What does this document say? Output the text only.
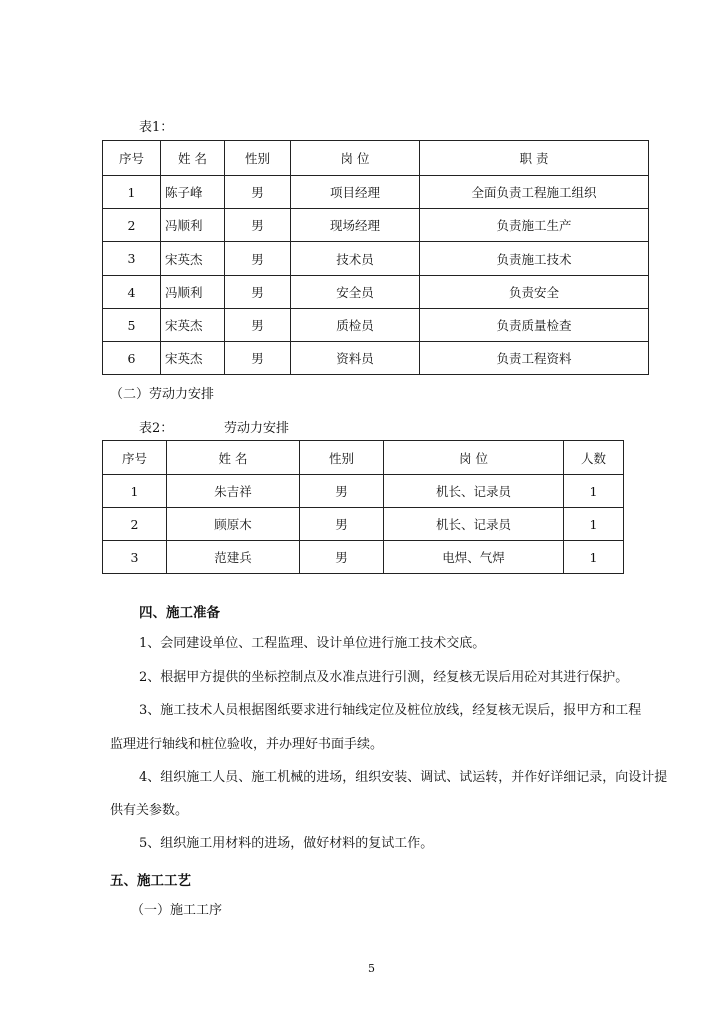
表1：
序号	姓 名	性别	岗 位	职 责
1	陈子峰	男	项目经理	全面负责工程施工组织
2	冯顺利	男	现场经理	负责施工生产
3	宋英杰	男	技术员	负责施工技术
4	冯顺利	男	安全员	负责安全
5	宋英杰	男	质检员	负责质量检查
6	宋英杰	男	资料员	负责工程资料
（二）劳动力安排
表2：	劳动力安排
序号	姓 名	性别	岗 位	人数
1	朱吉祥	男	机长、记录员	1
2	顾原木	男	机长、记录员	1
3	范建兵	男	电焊、气焊	1
四、施工准备
1、会同建设单位、工程监理、设计单位进行施工技术交底。
2、根据甲方提供的坐标控制点及水准点进行引测，经复核无误后用砼对其进行保护。
3、施工技术人员根据图纸要求进行轴线定位及桩位放线，经复核无误后，报甲方和工程
监理进行轴线和桩位验收，并办理好书面手续。
4、组织施工人员、施工机械的进场，组织安装、调试、试运转，并作好详细记录，向设计提
供有关参数。
5、组织施工用材料的进场，做好材料的复试工作。
五、施工工艺
（一）施工工序
5
